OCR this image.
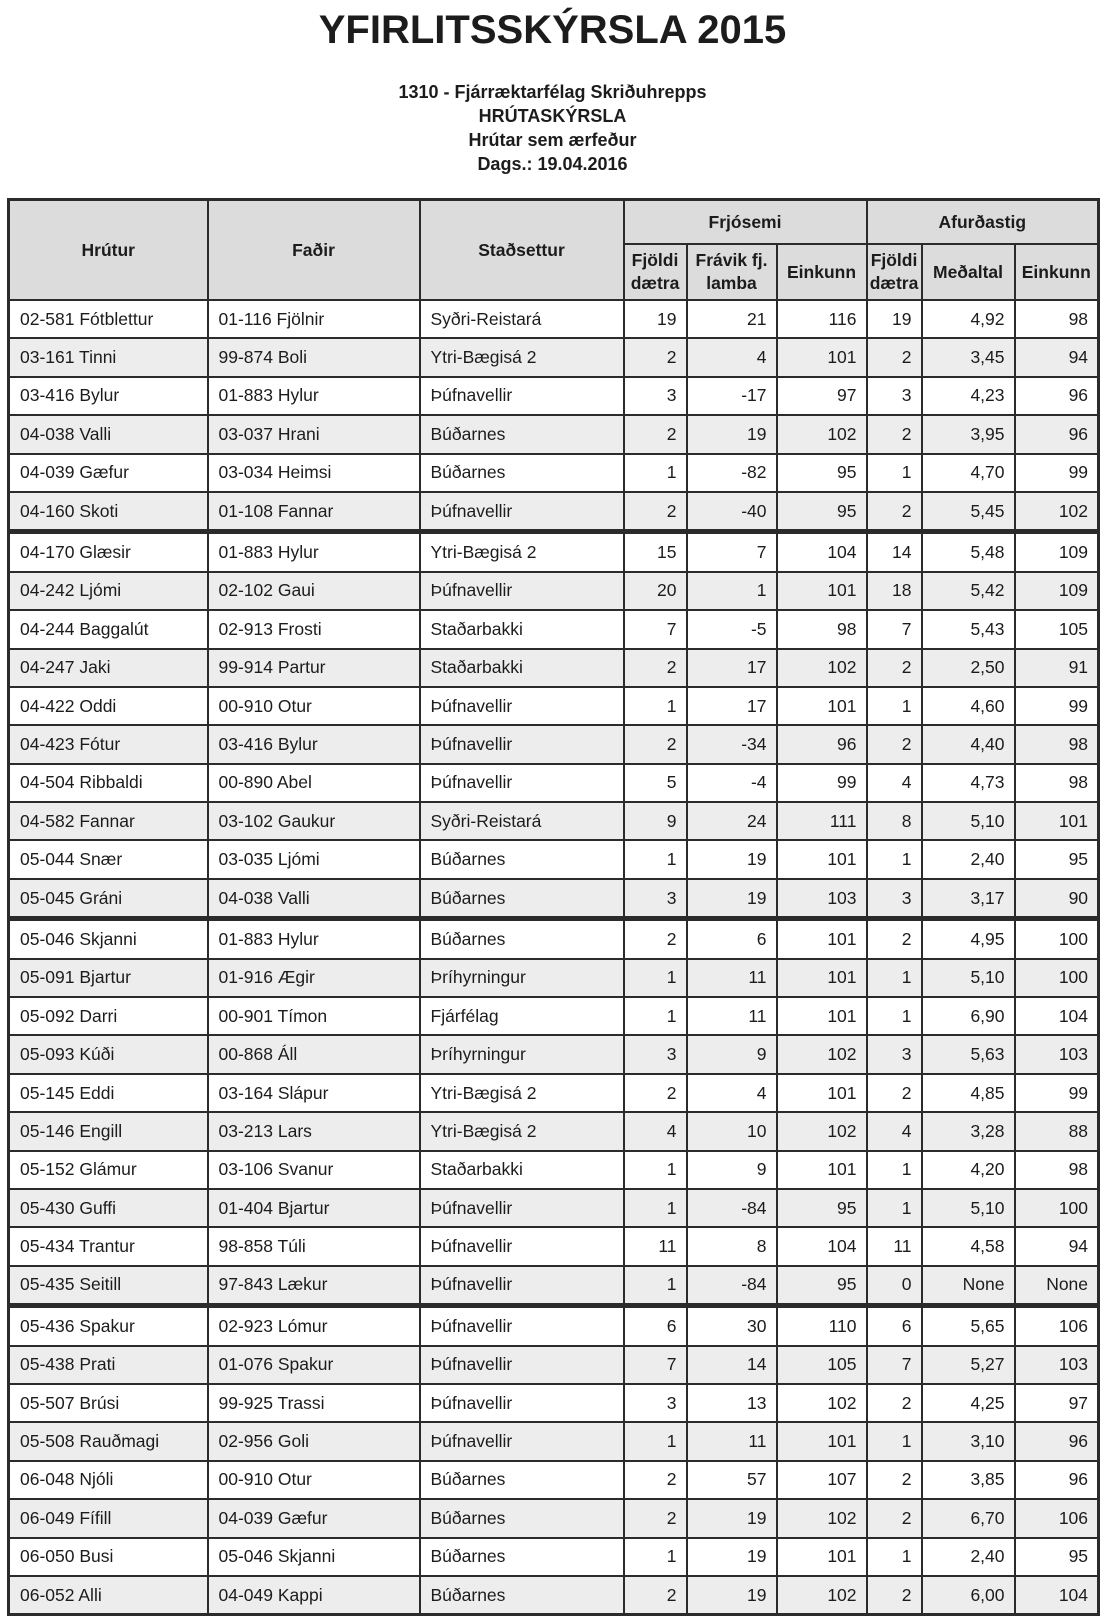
YFIRLITSSKÝRSLA 2015
1310 - Fjárræktarfélag Skriðuhrepps
HRÚTASKÝRSLA
Hrútar sem ærfeður
Dags.: 19.04.2016
Hrútur	Faðir	Staðsettur	Frjósemi			Afurðastig		
			Fjöldi dætra	Frávik fj. lamba	Einkunn	Fjöldi dætra	Meðaltal	Einkunn
02-581 Fótblettur	01-116 Fjölnir	Syðri-Reistará	19	21	116	19	4,92	98
03-161 Tinni	99-874 Boli	Ytri-Bægisá 2	2	4	101	2	3,45	94
03-416 Bylur	01-883 Hylur	Þúfnavellir	3	-17	97	3	4,23	96
04-038 Valli	03-037 Hrani	Búðarnes	2	19	102	2	3,95	96
04-039 Gæfur	03-034 Heimsi	Búðarnes	1	-82	95	1	4,70	99
04-160 Skoti	01-108 Fannar	Þúfnavellir	2	-40	95	2	5,45	102
04-170 Glæsir	01-883 Hylur	Ytri-Bægisá 2	15	7	104	14	5,48	109
04-242 Ljómi	02-102 Gaui	Þúfnavellir	20	1	101	18	5,42	109
04-244 Baggalút	02-913 Frosti	Staðarbakki	7	-5	98	7	5,43	105
04-247 Jaki	99-914 Partur	Staðarbakki	2	17	102	2	2,50	91
04-422 Oddi	00-910 Otur	Þúfnavellir	1	17	101	1	4,60	99
04-423 Fótur	03-416 Bylur	Þúfnavellir	2	-34	96	2	4,40	98
04-504 Ribbaldi	00-890 Abel	Þúfnavellir	5	-4	99	4	4,73	98
04-582 Fannar	03-102 Gaukur	Syðri-Reistará	9	24	111	8	5,10	101
05-044 Snær	03-035 Ljómi	Búðarnes	1	19	101	1	2,40	95
05-045 Gráni	04-038 Valli	Búðarnes	3	19	103	3	3,17	90
05-046 Skjanni	01-883 Hylur	Búðarnes	2	6	101	2	4,95	100
05-091 Bjartur	01-916 Ægir	Þríhyrningur	1	11	101	1	5,10	100
05-092 Darri	00-901 Tímon	Fjárfélag	1	11	101	1	6,90	104
05-093 Kúði	00-868 Áll	Þríhyrningur	3	9	102	3	5,63	103
05-145 Eddi	03-164 Slápur	Ytri-Bægisá 2	2	4	101	2	4,85	99
05-146 Engill	03-213 Lars	Ytri-Bægisá 2	4	10	102	4	3,28	88
05-152 Glámur	03-106 Svanur	Staðarbakki	1	9	101	1	4,20	98
05-430 Guffi	01-404 Bjartur	Þúfnavellir	1	-84	95	1	5,10	100
05-434 Trantur	98-858 Túli	Þúfnavellir	11	8	104	11	4,58	94
05-435 Seitill	97-843 Lækur	Þúfnavellir	1	-84	95	0	None	None
05-436 Spakur	02-923 Lómur	Þúfnavellir	6	30	110	6	5,65	106
05-438 Prati	01-076 Spakur	Þúfnavellir	7	14	105	7	5,27	103
05-507 Brúsi	99-925 Trassi	Þúfnavellir	3	13	102	2	4,25	97
05-508 Rauðmagi	02-956 Goli	Þúfnavellir	1	11	101	1	3,10	96
06-048 Njóli	00-910 Otur	Búðarnes	2	57	107	2	3,85	96
06-049 Fífill	04-039 Gæfur	Búðarnes	2	19	102	2	6,70	106
06-050 Busi	05-046 Skjanni	Búðarnes	1	19	101	1	2,40	95
06-052 Alli	04-049 Kappi	Búðarnes	2	19	102	2	6,00	104
